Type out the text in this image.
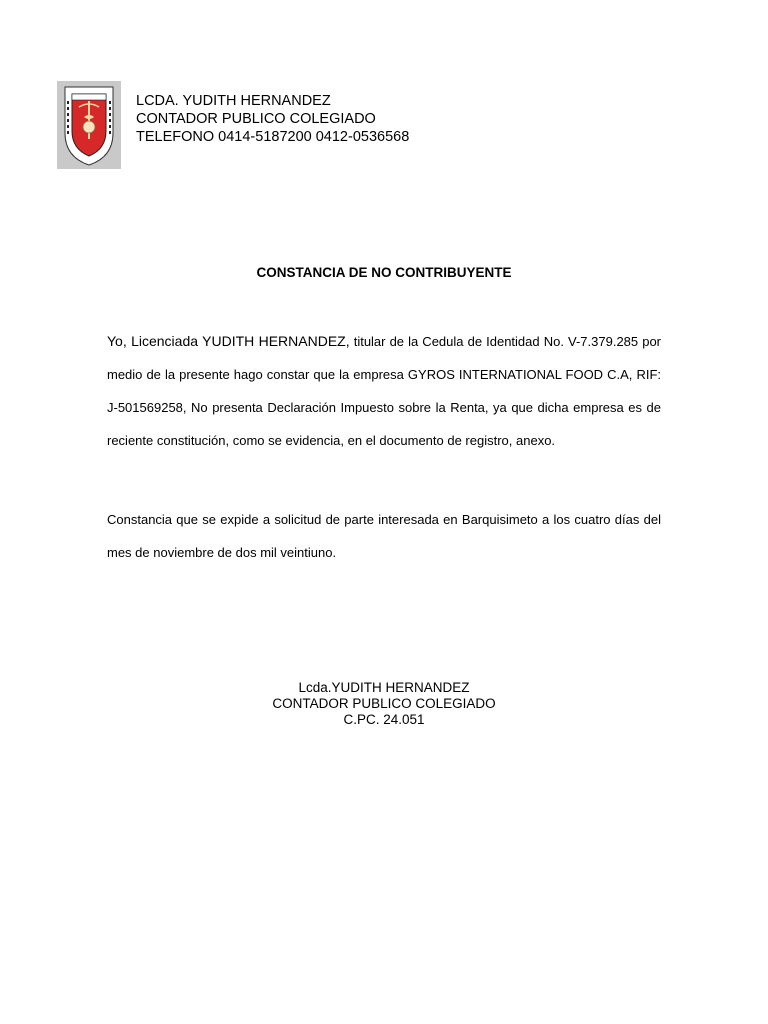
LCDA. YUDITH HERNANDEZ
CONTADOR PUBLICO COLEGIADO
TELEFONO 0414-5187200 0412-0536568
CONSTANCIA DE NO CONTRIBUYENTE
Yo, Licenciada YUDITH HERNANDEZ, titular de la Cedula de Identidad No. V-7.379.285 por medio de la presente hago constar que la empresa GYROS INTERNATIONAL FOOD C.A, RIF: J-501569258, No presenta Declaración Impuesto sobre la Renta, ya que dicha empresa es de reciente constitución, como se evidencia, en el documento de registro, anexo.
Constancia que se expide a solicitud de parte interesada en Barquisimeto a los cuatro días del mes de noviembre de dos mil veintiuno.
Lcda.YUDITH HERNANDEZ
CONTADOR PUBLICO COLEGIADO
C.PC. 24.051
